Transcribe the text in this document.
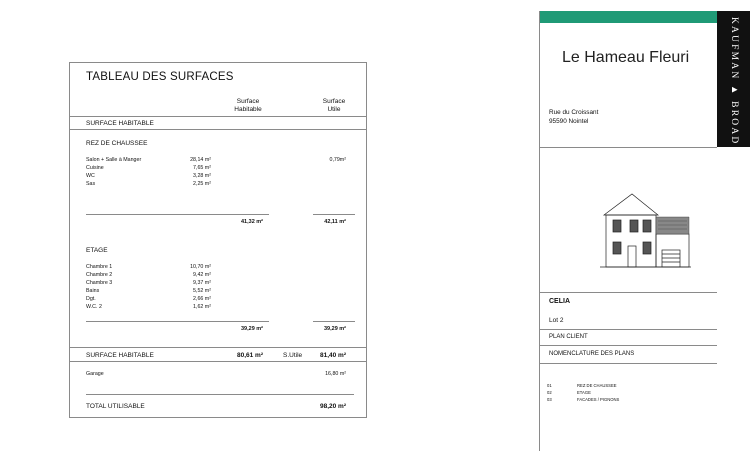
TABLEAU DES SURFACES
Surface
Habitable
Surface
Utile
SURFACE HABITABLE
REZ DE CHAUSSEE
Salon + Salle à Manger	28,14 m²	0,79m²
Cuisine	7,65 m²
WC	3,28 m²
Sas	2,25 m²
41,32 m²	42,11 m²
ETAGE
Chambre 1	10,70 m²
Chambre 2	9,42 m²
Chambre 3	9,37 m²
Bains	5,52 m²
Dgt.	2,66 m²
W.C. 2	1,62 m²
39,29 m²	39,29 m²
SURFACE HABITABLE	80,61 m²	S.Utile	81,40 m²
Garage	16,80 m²
TOTAL UTILISABLE	98,20 m²
KAUFMAN ▲ BROAD
Le Hameau Fleuri
Rue du Croissant
95590 Nointel
CELIA
Lot 2
PLAN CLIENT
NOMENCLATURE DES PLANS
01	REZ DE CHAUSSEE
02	ETAGE
03	FACADES / PIGNONS
